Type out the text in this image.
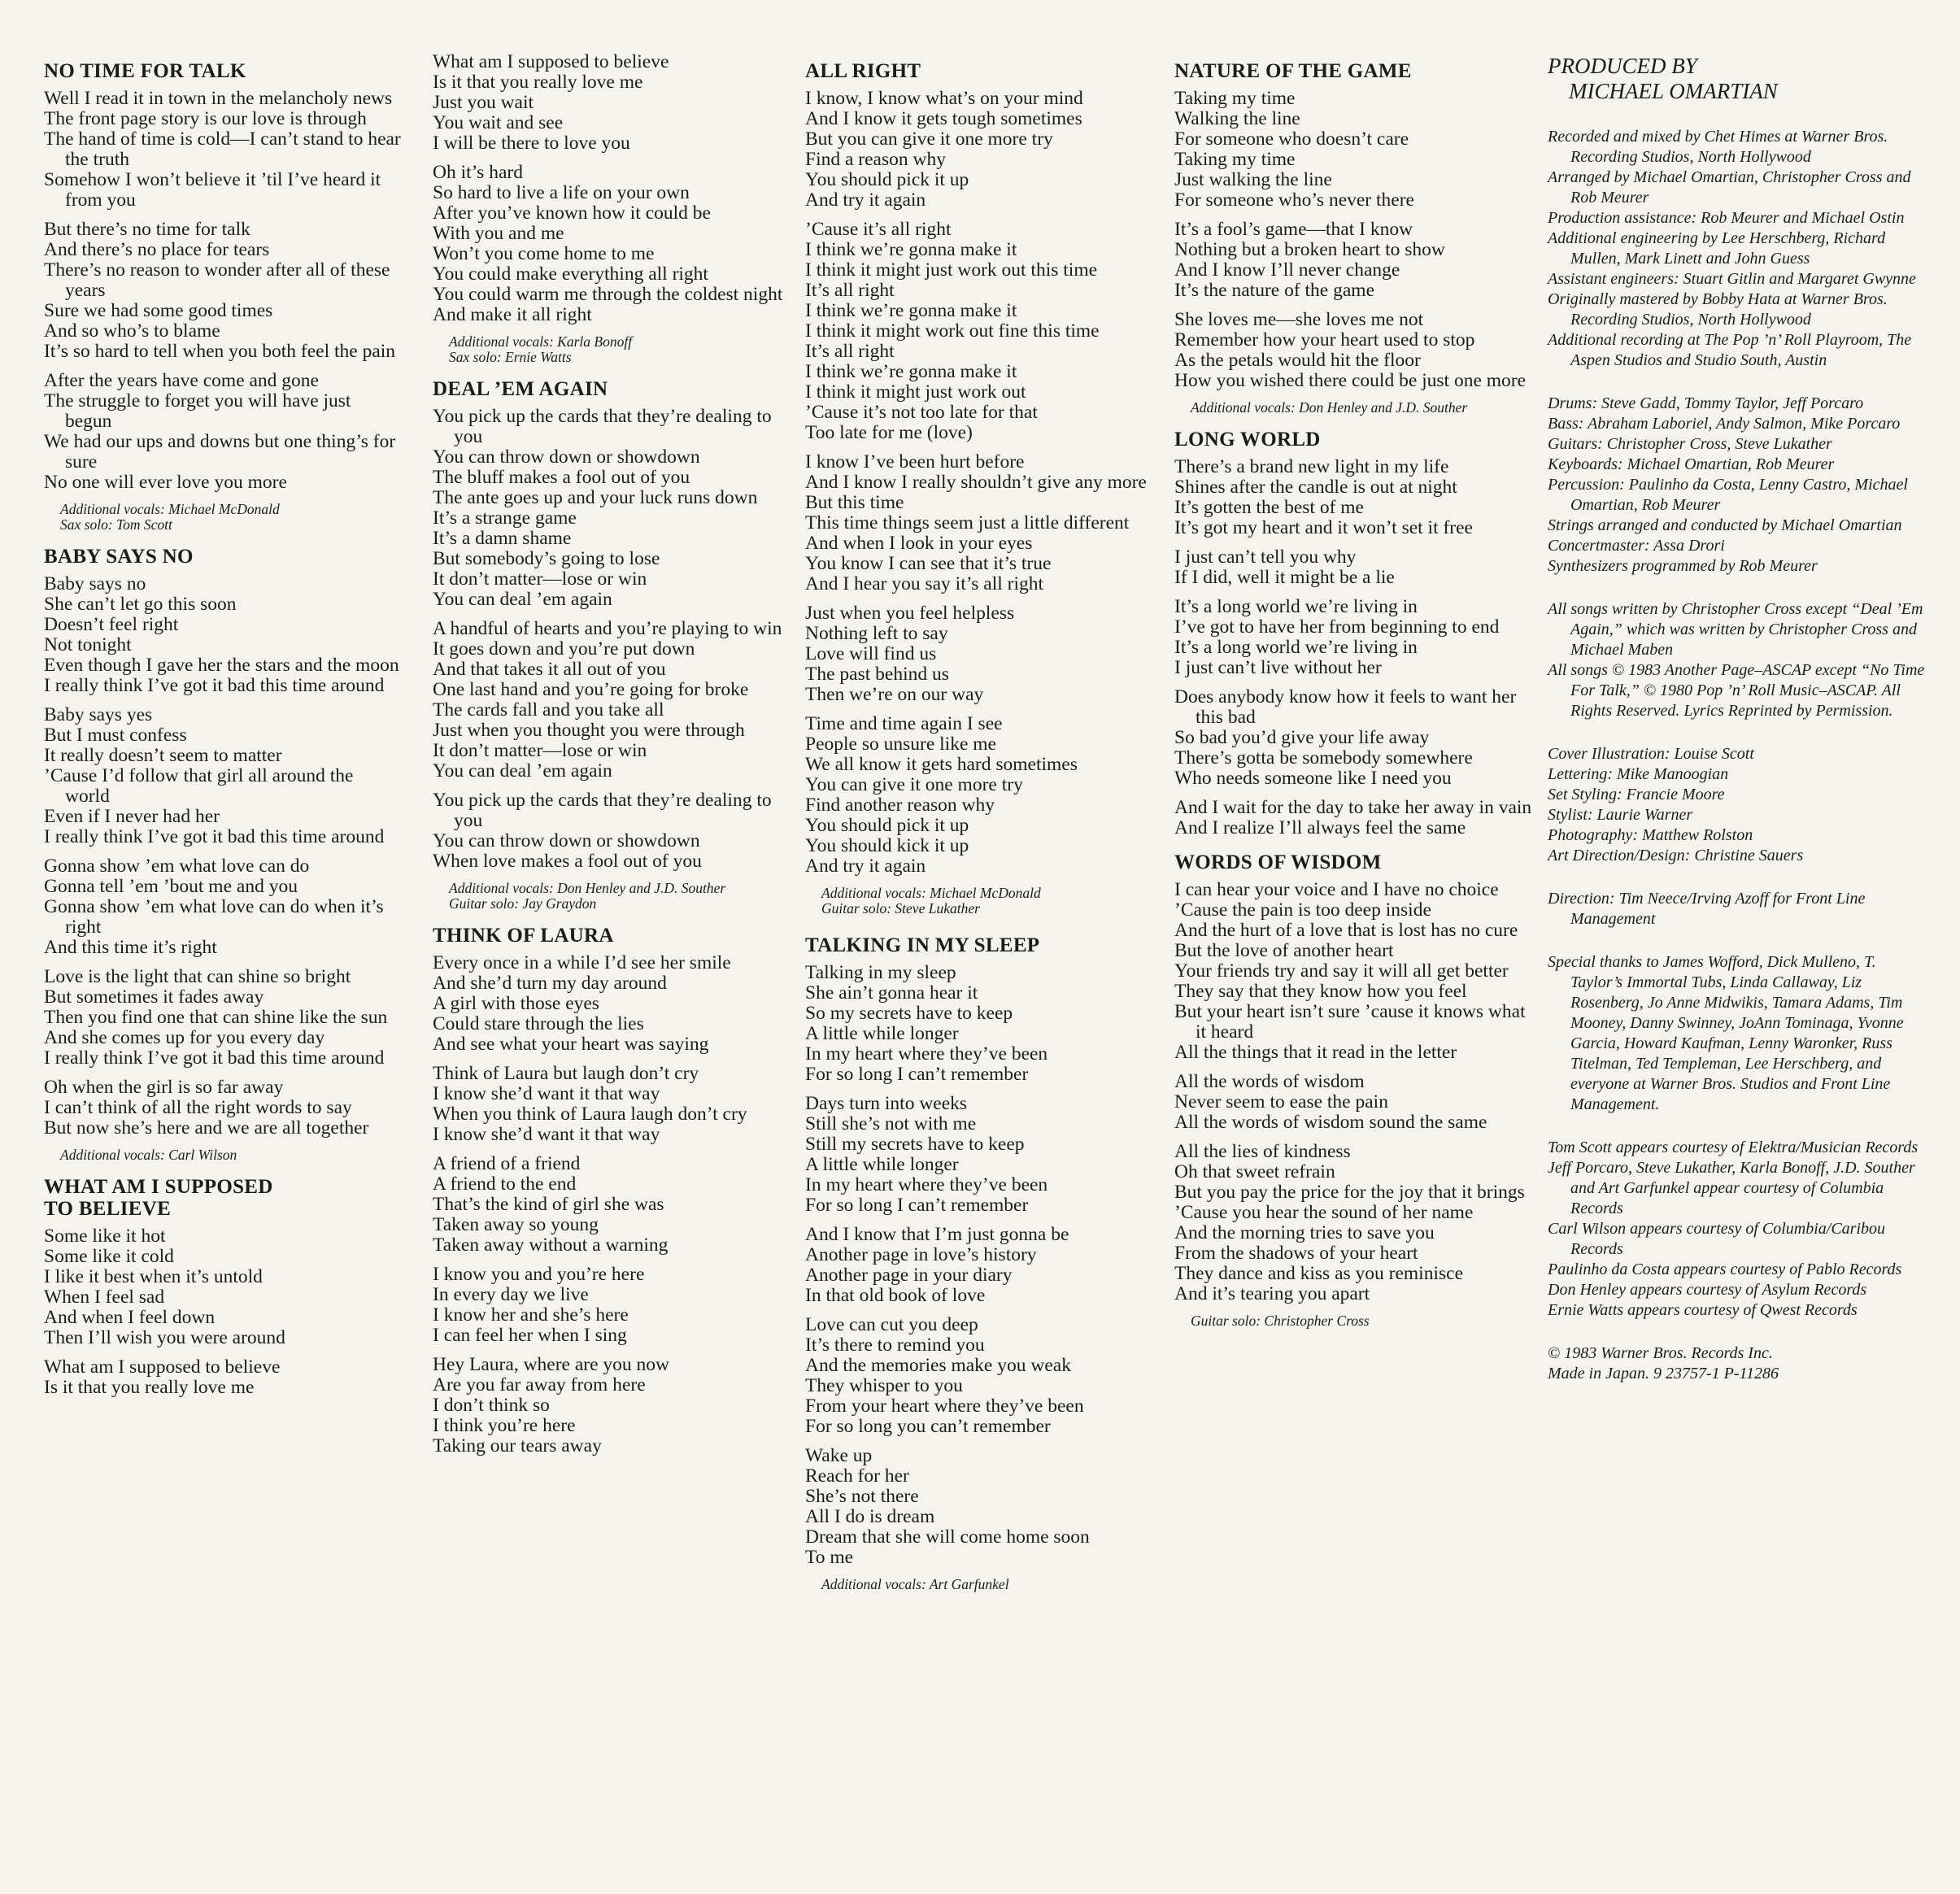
NO TIME FOR TALK
Well I read it in town in the melancholy news
The front page story is our love is through
The hand of time is cold—I can’t stand to hear the truth
Somehow I won’t believe it ’til I’ve heard it from you
But there’s no time for talk
And there’s no place for tears
There’s no reason to wonder after all of these years
Sure we had some good times
And so who’s to blame
It’s so hard to tell when you both feel the pain
After the years have come and gone
The struggle to forget you will have just begun
We had our ups and downs but one thing’s for sure
No one will ever love you more
Additional vocals: Michael McDonald
Sax solo: Tom Scott
BABY SAYS NO
Baby says no
She can’t let go this soon
Doesn’t feel right
Not tonight
Even though I gave her the stars and the moon
I really think I’ve got it bad this time around
Baby says yes
But I must confess
It really doesn’t seem to matter
’Cause I’d follow that girl all around the world
Even if I never had her
I really think I’ve got it bad this time around
Gonna show ’em what love can do
Gonna tell ’em ’bout me and you
Gonna show ’em what love can do when it’s right
And this time it’s right
Love is the light that can shine so bright
But sometimes it fades away
Then you find one that can shine like the sun
And she comes up for you every day
I really think I’ve got it bad this time around
Oh when the girl is so far away
I can’t think of all the right words to say
But now she’s here and we are all together
Additional vocals: Carl Wilson
WHAT AM I SUPPOSED
TO BELIEVE
Some like it hot
Some like it cold
I like it best when it’s untold
When I feel sad
And when I feel down
Then I’ll wish you were around
What am I supposed to believe
Is it that you really love me
What am I supposed to believe
Is it that you really love me
Just you wait
You wait and see
I will be there to love you
Oh it’s hard
So hard to live a life on your own
After you’ve known how it could be
With you and me
Won’t you come home to me
You could make everything all right
You could warm me through the coldest night
And make it all right
Additional vocals: Karla Bonoff
Sax solo: Ernie Watts
DEAL ’EM AGAIN
You pick up the cards that they’re dealing to you
You can throw down or showdown
The bluff makes a fool out of you
The ante goes up and your luck runs down
It’s a strange game
It’s a damn shame
But somebody’s going to lose
It don’t matter—lose or win
You can deal ’em again
A handful of hearts and you’re playing to win
It goes down and you’re put down
And that takes it all out of you
One last hand and you’re going for broke
The cards fall and you take all
Just when you thought you were through
It don’t matter—lose or win
You can deal ’em again
You pick up the cards that they’re dealing to you
You can throw down or showdown
When love makes a fool out of you
Additional vocals: Don Henley and J.D. Souther
Guitar solo: Jay Graydon
THINK OF LAURA
Every once in a while I’d see her smile
And she’d turn my day around
A girl with those eyes
Could stare through the lies
And see what your heart was saying
Think of Laura but laugh don’t cry
I know she’d want it that way
When you think of Laura laugh don’t cry
I know she’d want it that way
A friend of a friend
A friend to the end
That’s the kind of girl she was
Taken away so young
Taken away without a warning
I know you and you’re here
In every day we live
I know her and she’s here
I can feel her when I sing
Hey Laura, where are you now
Are you far away from here
I don’t think so
I think you’re here
Taking our tears away
ALL RIGHT
I know, I know what’s on your mind
And I know it gets tough sometimes
But you can give it one more try
Find a reason why
You should pick it up
And try it again
’Cause it’s all right
I think we’re gonna make it
I think it might just work out this time
It’s all right
I think we’re gonna make it
I think it might work out fine this time
It’s all right
I think we’re gonna make it
I think it might just work out
’Cause it’s not too late for that
Too late for me (love)
I know I’ve been hurt before
And I know I really shouldn’t give any more
But this time
This time things seem just a little different
And when I look in your eyes
You know I can see that it’s true
And I hear you say it’s all right
Just when you feel helpless
Nothing left to say
Love will find us
The past behind us
Then we’re on our way
Time and time again I see
People so unsure like me
We all know it gets hard sometimes
You can give it one more try
Find another reason why
You should pick it up
You should kick it up
And try it again
Additional vocals: Michael McDonald
Guitar solo: Steve Lukather
TALKING IN MY SLEEP
Talking in my sleep
She ain’t gonna hear it
So my secrets have to keep
A little while longer
In my heart where they’ve been
For so long I can’t remember
Days turn into weeks
Still she’s not with me
Still my secrets have to keep
A little while longer
In my heart where they’ve been
For so long I can’t remember
And I know that I’m just gonna be
Another page in love’s history
Another page in your diary
In that old book of love
Love can cut you deep
It’s there to remind you
And the memories make you weak
They whisper to you
From your heart where they’ve been
For so long you can’t remember
Wake up
Reach for her
She’s not there
All I do is dream
Dream that she will come home soon
To me
Additional vocals: Art Garfunkel
NATURE OF THE GAME
Taking my time
Walking the line
For someone who doesn’t care
Taking my time
Just walking the line
For someone who’s never there
It’s a fool’s game—that I know
Nothing but a broken heart to show
And I know I’ll never change
It’s the nature of the game
She loves me—she loves me not
Remember how your heart used to stop
As the petals would hit the floor
How you wished there could be just one more
Additional vocals: Don Henley and J.D. Souther
LONG WORLD
There’s a brand new light in my life
Shines after the candle is out at night
It’s gotten the best of me
It’s got my heart and it won’t set it free
I just can’t tell you why
If I did, well it might be a lie
It’s a long world we’re living in
I’ve got to have her from beginning to end
It’s a long world we’re living in
I just can’t live without her
Does anybody know how it feels to want her this bad
So bad you’d give your life away
There’s gotta be somebody somewhere
Who needs someone like I need you
And I wait for the day to take her away in vain
And I realize I’ll always feel the same
WORDS OF WISDOM
I can hear your voice and I have no choice
’Cause the pain is too deep inside
And the hurt of a love that is lost has no cure
But the love of another heart
Your friends try and say it will all get better
They say that they know how you feel
But your heart isn’t sure ’cause it knows what it heard
All the things that it read in the letter
All the words of wisdom
Never seem to ease the pain
All the words of wisdom sound the same
All the lies of kindness
Oh that sweet refrain
But you pay the price for the joy that it brings
’Cause you hear the sound of her name
And the morning tries to save you
From the shadows of your heart
They dance and kiss as you reminisce
And it’s tearing you apart
Guitar solo: Christopher Cross
PRODUCED BY
MICHAEL OMARTIAN
Recorded and mixed by Chet Himes at Warner Bros. Recording Studios, North Hollywood
Arranged by Michael Omartian, Christopher Cross and Rob Meurer
Production assistance: Rob Meurer and Michael Ostin
Additional engineering by Lee Herschberg, Richard Mullen, Mark Linett and John Guess
Assistant engineers: Stuart Gitlin and Margaret Gwynne
Originally mastered by Bobby Hata at Warner Bros. Recording Studios, North Hollywood
Additional recording at The Pop ’n’ Roll Playroom, The Aspen Studios and Studio South, Austin
Drums: Steve Gadd, Tommy Taylor, Jeff Porcaro
Bass: Abraham Laboriel, Andy Salmon, Mike Porcaro
Guitars: Christopher Cross, Steve Lukather
Keyboards: Michael Omartian, Rob Meurer
Percussion: Paulinho da Costa, Lenny Castro, Michael Omartian, Rob Meurer
Strings arranged and conducted by Michael Omartian
Concertmaster: Assa Drori
Synthesizers programmed by Rob Meurer
All songs written by Christopher Cross except “Deal ’Em Again,” which was written by Christopher Cross and Michael Maben
All songs © 1983 Another Page–ASCAP except “No Time For Talk,” © 1980 Pop ’n’ Roll Music–ASCAP. All Rights Reserved. Lyrics Reprinted by Permission.
Cover Illustration: Louise Scott
Lettering: Mike Manoogian
Set Styling: Francie Moore
Stylist: Laurie Warner
Photography: Matthew Rolston
Art Direction/Design: Christine Sauers
Direction: Tim Neece/Irving Azoff for Front Line Management
Special thanks to James Wofford, Dick Mulleno, T. Taylor’s Immortal Tubs, Linda Callaway, Liz Rosenberg, Jo Anne Midwikis, Tamara Adams, Tim Mooney, Danny Swinney, JoAnn Tominaga, Yvonne Garcia, Howard Kaufman, Lenny Waronker, Russ Titelman, Ted Templeman, Lee Herschberg, and everyone at Warner Bros. Studios and Front Line Management.
Tom Scott appears courtesy of Elektra/Musician Records
Jeff Porcaro, Steve Lukather, Karla Bonoff, J.D. Souther and Art Garfunkel appear courtesy of Columbia Records
Carl Wilson appears courtesy of Columbia/Caribou Records
Paulinho da Costa appears courtesy of Pablo Records
Don Henley appears courtesy of Asylum Records
Ernie Watts appears courtesy of Qwest Records
© 1983 Warner Bros. Records Inc.
Made in Japan. 9 23757-1 P-11286
